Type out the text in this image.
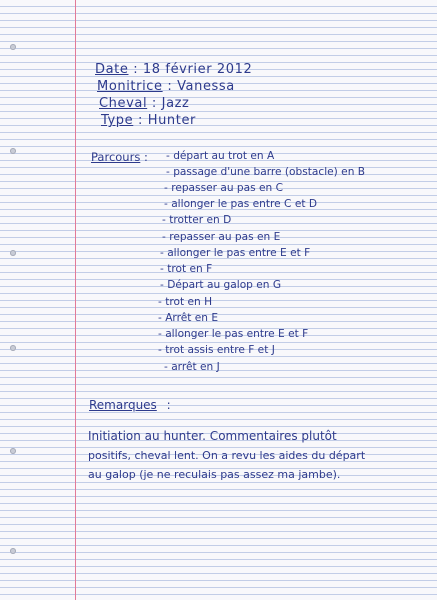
Date : 18 février 2012
Monitrice : Vanessa
Cheval : Jazz
Type : Hunter
Parcours : - départ au trot en A
- passage d'une barre (obstacle) en B
- repasser au pas en C
- allonger le pas entre C et D
- trotter en D
- repasser au pas en E
- allonger le pas entre E et F
- trot en F
- Départ au galop en G
- trot en H
- Arrêt en E
- allonger le pas entre E et F
- trot assis entre F et J
- arrêt en J
Remarques :
Initiation au hunter. Commentaires plutôt
positifs, cheval lent. On a revu les aides du départ
au galop (je ne reculais pas assez ma jambe).
